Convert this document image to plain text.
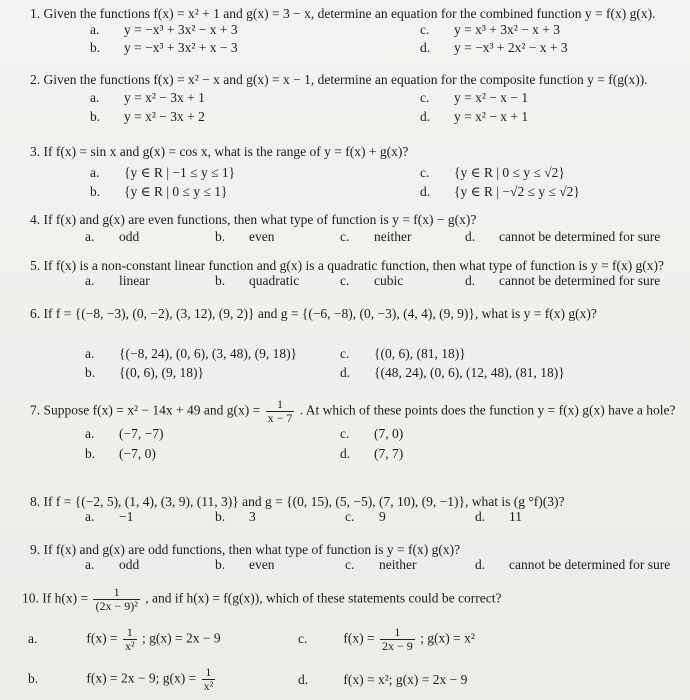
1. Given the functions f(x) = x² + 1 and g(x) = 3 − x, determine an equation for the combined function y = f(x) g(x).
a. y = −x³ + 3x² − x + 3	c. y = x³ + 3x² − x + 3
b. y = −x³ + 3x² + x − 3	d. y = −x³ + 2x² − x + 3
2. Given the functions f(x) = x² − x and g(x) = x − 1, determine an equation for the composite function y = f(g(x)).
a. y = x² − 3x + 1	c. y = x² − x − 1
b. y = x² − 3x + 2	d. y = x² − x + 1
3. If f(x) = sin x and g(x) = cos x, what is the range of y = f(x) + g(x)?
a. {y ∈ R | −1 ≤ y ≤ 1}	c. {y ∈ R | 0 ≤ y ≤ √2}
b. {y ∈ R | 0 ≤ y ≤ 1}	d. {y ∈ R | −√2 ≤ y ≤ √2}
4. If f(x) and g(x) are even functions, then what type of function is y = f(x) − g(x)?
a. odd	b. even	c. neither	d. cannot be determined for sure
5. If f(x) is a non-constant linear function and g(x) is a quadratic function, then what type of function is y = f(x) g(x)?
a. linear	b. quadratic	c. cubic	d. cannot be determined for sure
6. If f = {(−8, −3), (0, −2), (3, 12), (9, 2)} and g = {(−6, −8), (0, −3), (4, 4), (9, 9)}, what is y = f(x) g(x)?
a. {(−8, 24), (0, 6), (3, 48), (9, 18)}	c. {(0, 6), (81, 18)}
b. {(0, 6), (9, 18)}	d. {(48, 24), (0, 6), (12, 48), (81, 18)}
7. Suppose f(x) = x² − 14x + 49 and $g(x) = \frac{1}{x - 7}$ . At which of these points does the function y = f(x) g(x) have a hole?
a. (−7, −7)	c. (7, 0)
b. (−7, 0)	d. (7, 7)
8. If f = {(−2, 5), (1, 4), (3, 9), (11, 3)} and g = {(0, 15), (5, −5), (7, 10), (9, −1)}, what is (g °f)(3)?
a. −1	b. 3	c. 9	d. 11
9. If f(x) and g(x) are odd functions, then what type of function is y = f(x) g(x)?
a. odd	b. even	c. neither	d. cannot be determined for sure
10. If $h(x) = \frac{1}{\text{(2x − 9)²}}$ , and if h(x) = f(g(x)), which of these statements could be correct?
a.	$f(x) = \frac{1}{\text{x²}}$ ; g(x) = 2x − 9	c.	$f(x) = \frac{1}{2x - 9}$ ; g(x) = x²
b.	f(x) = 2x − 9; $g(x) = \frac{1}{\text{x²}}$	d.	f(x) = x²; g(x) = 2x − 9
